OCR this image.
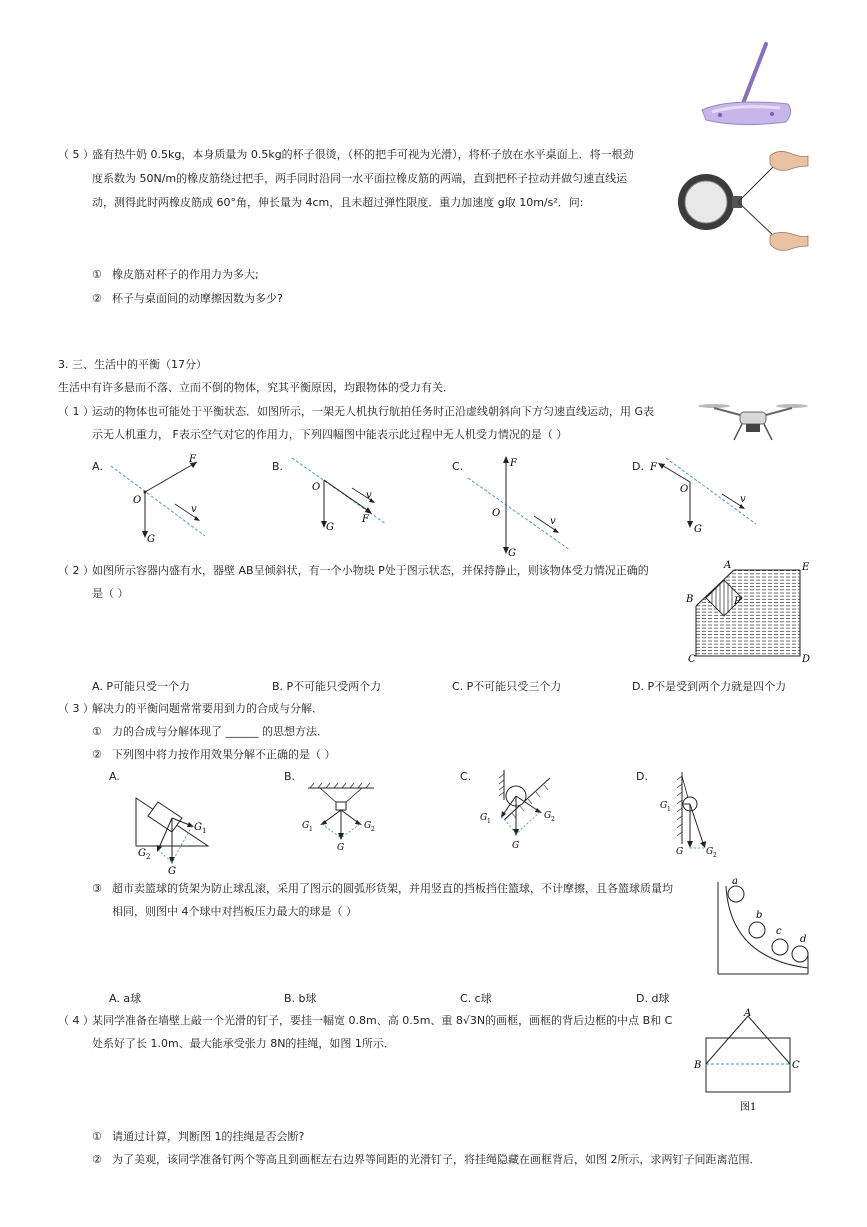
（ 5 ）
盛有热牛奶 0.5kg，本身质量为 0.5kg的杯子很烫，（杯的把手可视为光滑），将杯子放在水平桌面上．将一根劲
度系数为 50N/m的橡皮筋绕过把手，两手同时沿同一水平面拉橡皮筋的两端，直到把杯子拉动并做匀速直线运
动，测得此时两橡皮筋成 60°角，伸长量为 4cm，且未超过弹性限度．重力加速度 g取 10m/s²．问:
① 橡皮筋对杯子的作用力为多大;
② 杯子与桌面间的动摩擦因数为多少?
3. 三、生活中的平衡（17分）
生活中有许多悬而不落、立而不倒的物体，究其平衡原因，均跟物体的受力有关．
（ 1 ）
运动的物体也可能处于平衡状态．如图所示，一架无人机执行航拍任务时正沿虚线朝斜向下方匀速直线运动，用 G表
示无人机重力， F表示空气对它的作用力，下列四幅图中能表示此过程中无人机受力情况的是（ ）
A.
F
O
G
v
B.
O
G
v
F
C.	F
O
G
v
D. F
O
G
v
（ 2 ）
如图所示容器内盛有水，器壁 AB呈倾斜状，有一个小物块 P处于图示状态，并保持静止，则该物体受力情况正确的
是（ ）
A
B	P
E
C	D
A. P可能只受一个力	B. P不可能只受两个力	C. P不可能只受三个力	D. P不是受到两个力就是四个力
（ 3 ）
解决力的平衡问题常常要用到力的合成与分解．
① 力的合成与分解体现了 ______ 的思想方法．
② 下列图中将力按作用效果分解不正确的是（ ）
A.
G 1
G 2
G
B.
G 1	G 2
G
C.
G 1
G 2
G
D.
G 1
G	G 2
③ 超市卖篮球的货架为防止球乱滚，采用了图示的圆弧形货架，并用竖直的挡板挡住篮球，不计摩擦，且各篮球质量均
相同，则图中 4个球中对挡板压力最大的球是（ ）
a
b
c
d
A. a球	B. b球	C. c球	D. d球
（ 4 ）
某同学准备在墙壁上敲一个光滑的钉子，要挂一幅宽 0.8m、高 0.5m、重 8√3N的画框，画框的背后边框的中点 B和 C
处系好了长 1.0m、最大能承受张力 8N的挂绳，如图 1所示．
A
B	C
图1
① 请通过计算，判断图 1的挂绳是否会断?
② 为了美观，该同学准备钉两个等高且到画框左右边界等间距的光滑钉子，将挂绳隐藏在画框背后，如图 2所示，求两钉子间距离范围．
